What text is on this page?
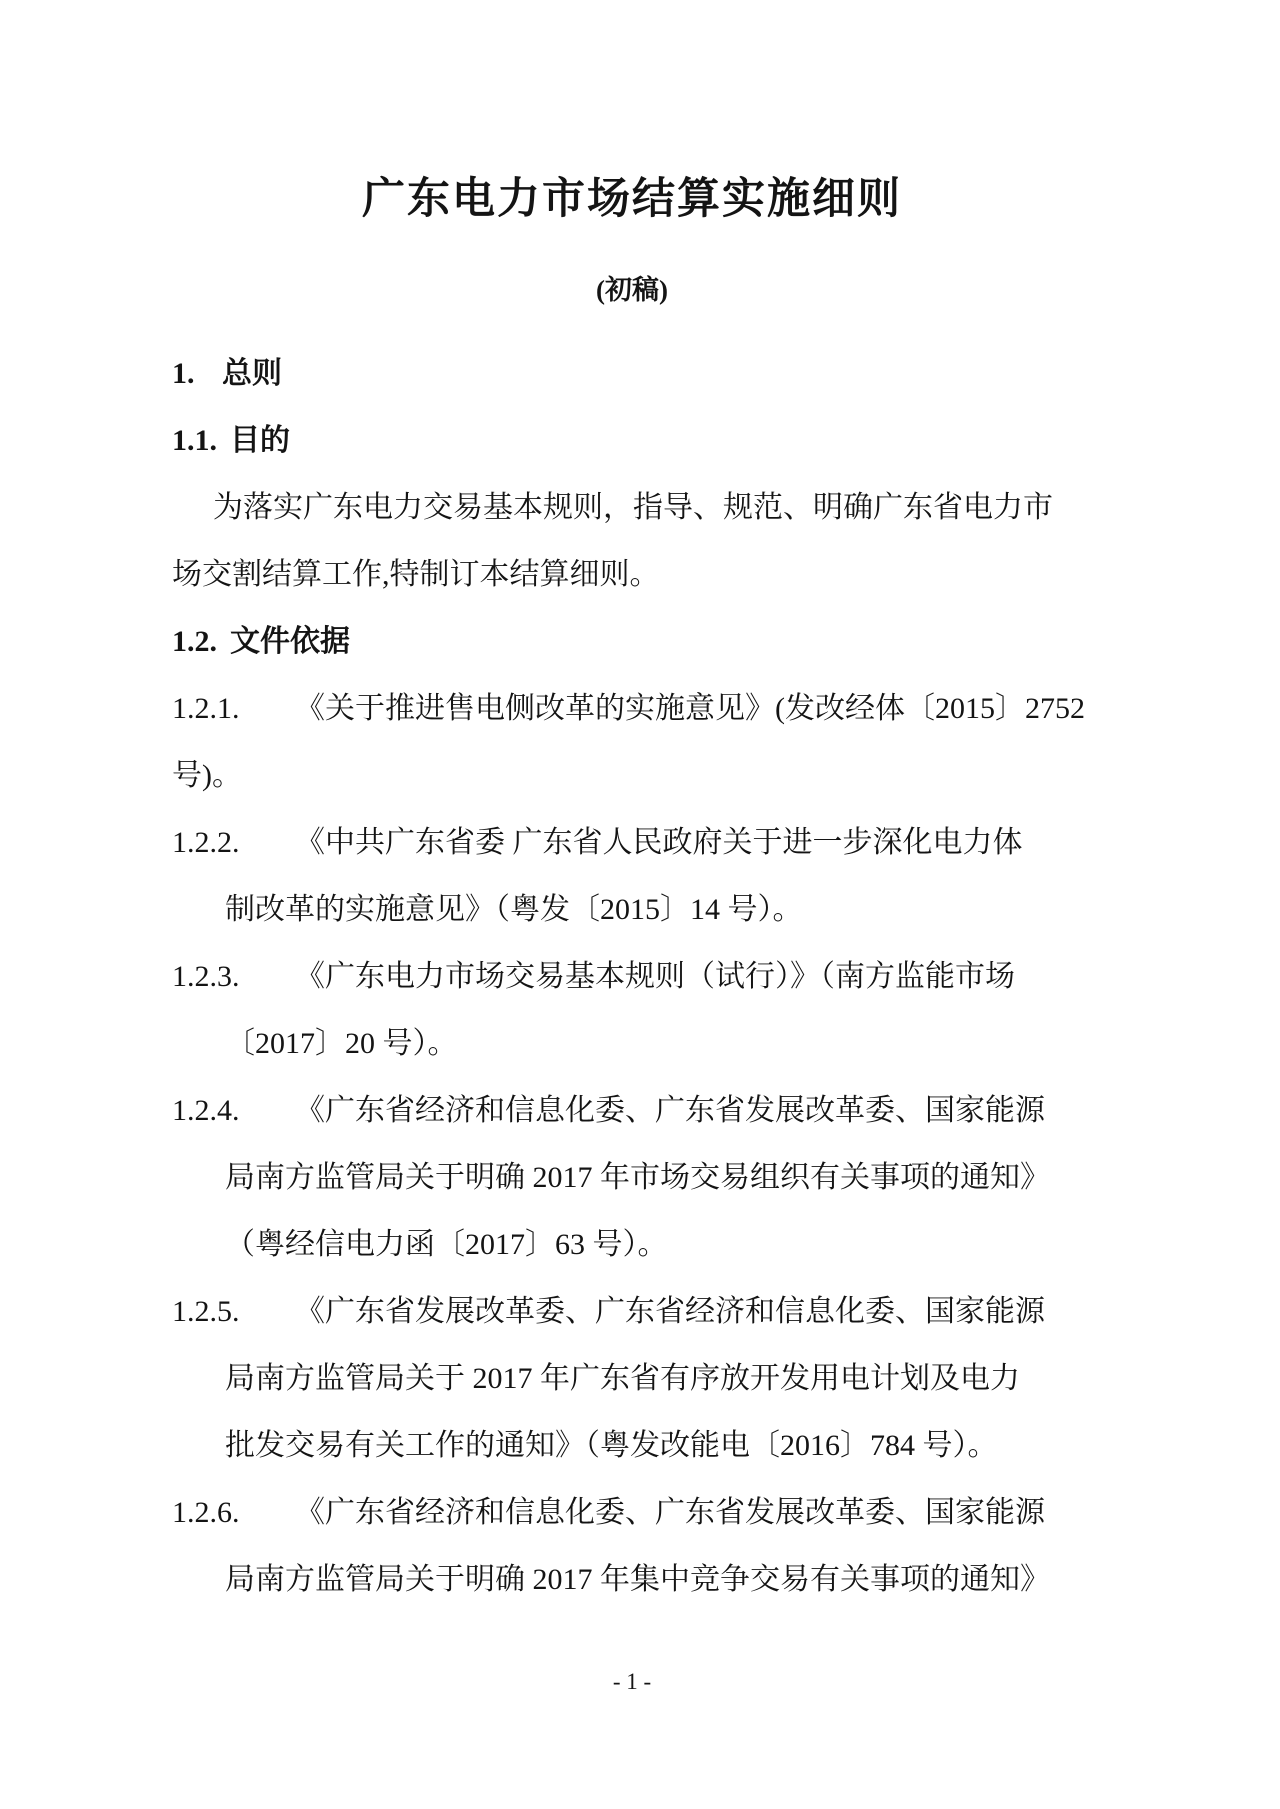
广东电力市场结算实施细则
(初稿)
1. 总则
1.1. 目的
为落实广东电力交易基本规则，指导、规范、明确广东省电力市
场交割结算工作,特制订本结算细则。
1.2. 文件依据
1.2.1. 《关于推进售电侧改革的实施意见》(发改经体〔2015〕2752
号)。
1.2.2. 《中共广东省委 广东省人民政府关于进一步深化电力体
制改革的实施意见》（粤发〔2015〕14 号）。
1.2.3. 《广东电力市场交易基本规则（试行）》（南方监能市场
〔2017〕20 号）。
1.2.4. 《广东省经济和信息化委、广东省发展改革委、国家能源
局南方监管局关于明确 2017 年市场交易组织有关事项的通知》
（粤经信电力函〔2017〕63 号）。
1.2.5. 《广东省发展改革委、广东省经济和信息化委、国家能源
局南方监管局关于 2017 年广东省有序放开发用电计划及电力
批发交易有关工作的通知》（粤发改能电〔2016〕784 号）。
1.2.6. 《广东省经济和信息化委、广东省发展改革委、国家能源
局南方监管局关于明确 2017 年集中竞争交易有关事项的通知》
- 1 -
